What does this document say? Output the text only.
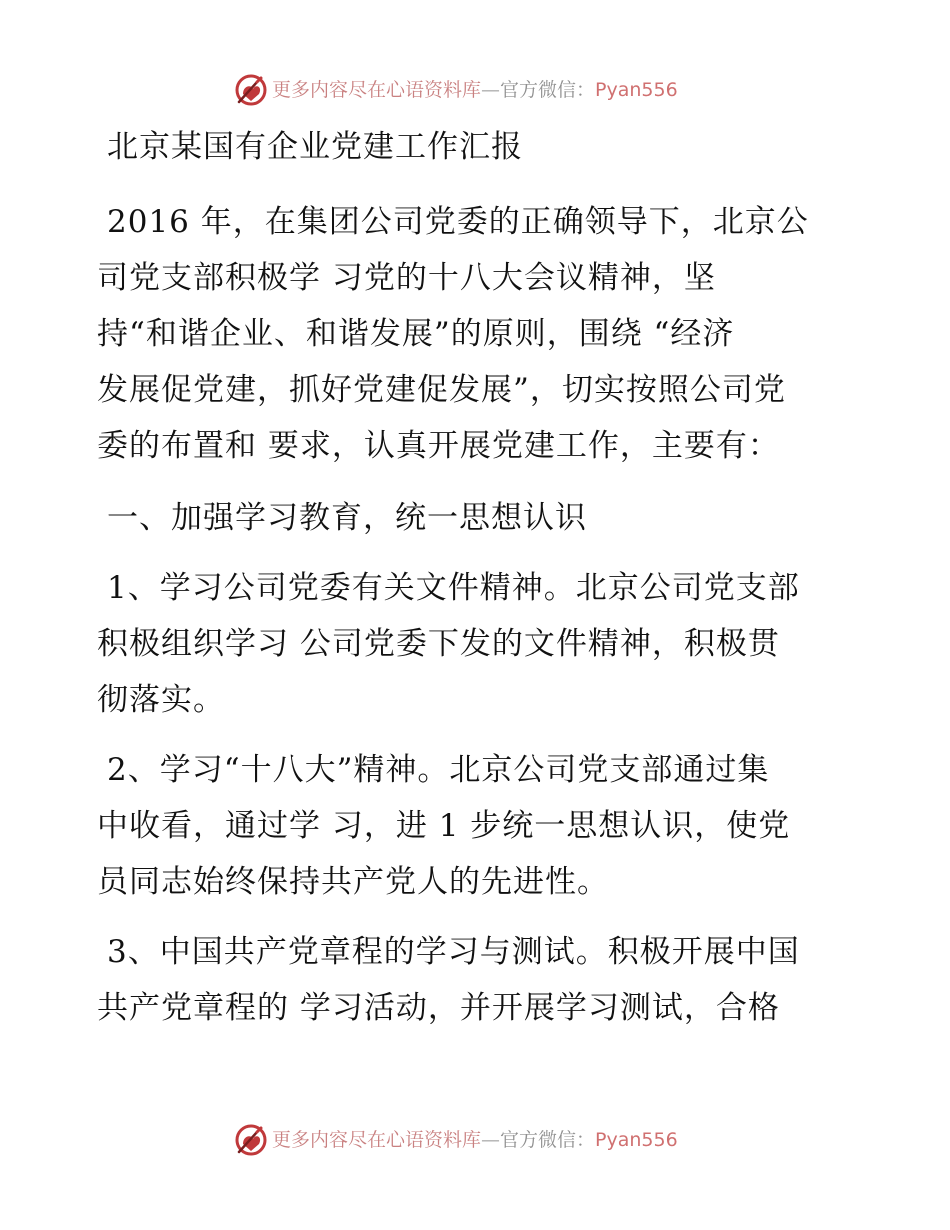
更多内容尽在心语资料库—官方微信：Pyan556
北京某国有企业党建工作汇报

2016 年，在集团公司党委的正确领导下，北京公
司党支部积极学 习党的十八大会议精神，坚
持“和谐企业、和谐发展”的原则，围绕 “经济
发展促党建，抓好党建促发展”，切实按照公司党
委的布置和 要求，认真开展党建工作，主要有：

一、加强学习教育，统一思想认识

1、学习公司党委有关文件精神。北京公司党支部
积极组织学习 公司党委下发的文件精神，积极贯
彻落实。

2、学习“十八大”精神。北京公司党支部通过集
中收看，通过学 习，进 1 步统一思想认识，使党
员同志始终保持共产党人的先进性。

3、中国共产党章程的学习与测试。积极开展中国
共产党章程的 学习活动，并开展学习测试，合格

更多内容尽在心语资料库—官方微信：Pyan556
